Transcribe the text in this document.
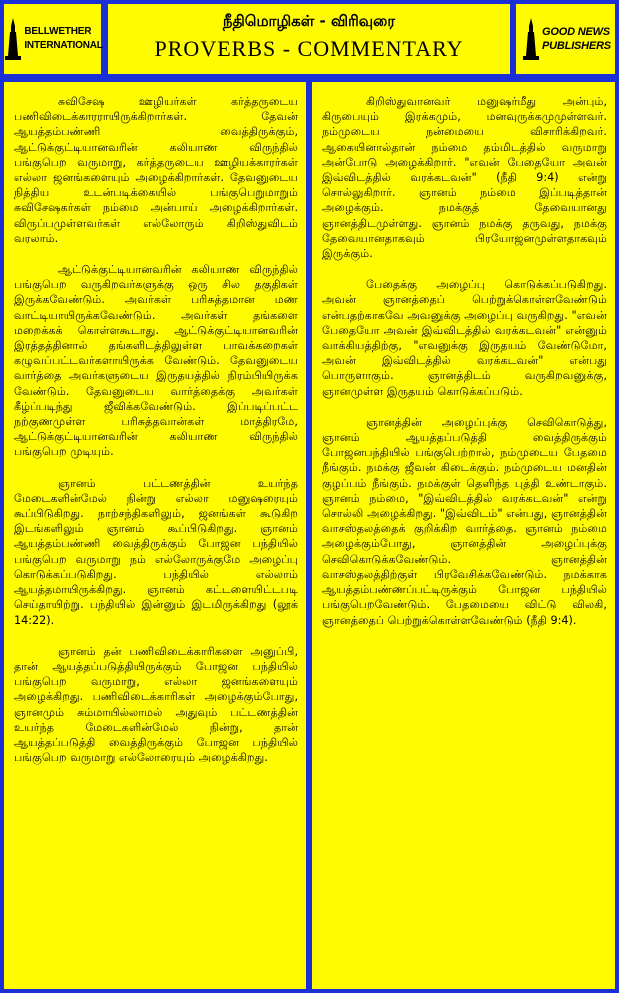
BELLWETHER
INTERNATIONAL
நீதிமொழிகள் - விரிவுரை
PROVERBS - COMMENTARY
GOOD NEWS
PUBLISHERS

சுவிசேஷ ஊழியர்கள் கர்த்தருடைய பணிவிடைக்காரராயிருக்கிறார்கள். தேவன் ஆயத்தம்பண்ணி வைத்திருக்கும், ஆட்டுக்குட்டியானவரின் கலியாண விருந்தில் பங்குபெற வருமாறு, கர்த்தருடைய ஊழியக்காரர்கள் எல்லா ஜனங்களையும் அழைக்கிறார்கள். தேவனுடைய நித்திய உடன்படிக்கையில் பங்குபெறுமாறும் சுவிசேஷகர்கள் நம்மை அன்பாய் அழைக்கிறார்கள். விருப்பமுள்ளவர்கள் எல்லோரும் கிறிஸ்துவிடம் வரலாம்.

ஆட்டுக்குட்டியானவரின் கலியாண விருந்தில் பங்குபெற வருகிறவர்களுக்கு ஒரு சில தகுதிகள் இருக்கவேண்டும். அவர்கள் பரிசுத்தமான மண வாட்டியாயிருக்கவேண்டும். அவர்கள் தங்களை மறைக்கக் கொள்ளகூடாது. ஆட்டுக்குட்டியானவரின் இரத்தத்தினால் தங்களிடத்திலுள்ள பாவக்கறைகள் கழுவப்பட்டவர்களாயிருக்க வேண்டும். தேவனுடைய வார்த்தை அவர்களுடைய இருதயத்தில் நிரம்பியிருக்க வேண்டும். தேவனுடைய வார்த்தைக்கு அவர்கள் கீழ்ப்படிந்து ஜீவிக்கவேண்டும். இப்படிப்பட்ட நற்குணமுள்ள பரிசுத்தவான்கள் மாத்திரமே, ஆட்டுக்குட்டியானவரின் கலியாண விருந்தில் பங்குபெற முடியும்.

ஞானம் பட்டணத்தின் உயர்ந்த மேடைகளின்மேல் நின்று எல்லா மனுஷரையும் கூப்பிடுகிறது. நாற்சந்திகளிலும், ஜனங்கள் கூடுகிற இடங்களிலும் ஞானம் கூப்பிடுகிறது. ஞானம் ஆயத்தம்பண்ணி வைத்திருக்கும் போஜன பந்தியில் பங்குபெற வருமாறு நம் எல்லோருக்குமே அழைப்பு கொடுக்கப்படுகிறது. பந்தியில் எல்லாம் ஆயத்தமாயிருக்கிறது. ஞானம் கட்டளையிட்டபடி செய்தாயிற்று. பந்தியில் இன்னும் இடமிருக்கிறது (லூக் 14:22).

ஞானம் தன் பணிவிடைக்காரிகளை அனுப்பி, தான் ஆயத்தப்படுத்தியிருக்கும் போஜன பந்தியில் பங்குபெற வருமாறு, எல்லா ஜனங்களையும் அழைக்கிறது. பணிவிடைக்காரிகள் அழைக்கும்போது, ஞானமும் சும்மாயில்லாமல் அதுவும் பட்டணத்தின் உயர்ந்த மேடைகளின்மேல் நின்று, தான் ஆயத்தப்படுத்தி வைத்திருக்கும் போஜன பந்தியில் பங்குபெற வருமாறு எல்லோரையும் அழைக்கிறது.

கிறிஸ்துவானவர் மனுஷர்மீது அன்பும், கிருபையும் இரக்கமும், மனவுருக்கமுமுள்ளவர். நம்முடைய நன்மையை விசாரிக்கிறவர். ஆகையினால்தான் நம்மை தம்மிடத்தில் வருமாறு அன்போடு அழைக்கிறார். "எவன் பேதையோ அவன் இவ்விடத்தில் வரக்கடவன்" (நீதி 9:4) என்று சொல்லுகிறார். ஞானம் நம்மை இப்படித்தான் அழைக்கும். நமக்குத் தேவையானது ஞானத்திடமுள்ளது. ஞானம் நமக்கு தருவது, நமக்கு தேவையானதாகவும் பிரயோஜனமுள்ளதாகவும் இருக்கும்.

பேதைக்கு அழைப்பு கொடுக்கப்படுகிறது. அவன் ஞானத்தைப் பெற்றுக்கொள்ளவேண்டும் என்பதற்காகவே அவனுக்கு அழைப்பு வருகிறது. "எவன் பேதையோ அவன் இவ்விடத்தில் வரக்கடவன்" என்னும் வாக்கியத்திற்கு, "எவனுக்கு இருதயம் வேண்டுமோ, அவன் இவ்விடத்தில் வரக்கடவன்" என்பது பொருளாகும். ஞானத்திடம் வருகிறவனுக்கு, ஞானமுள்ள இருதயம் கொடுக்கப்படும்.

ஞானத்தின் அழைப்புக்கு செவிகொடுத்து, ஞானம் ஆயத்தப்படுத்தி வைத்திருக்கும் போஜனபந்தியில் பங்குபெற்றால், நம்முடைய பேதமை நீங்கும். நமக்கு ஜீவன் கிடைக்கும். நம்முடைய மனதின் குழப்பம் நீங்கும். நமக்குள் தெளிந்த புத்தி உண்டாகும். ஞானம் நம்மை, "இவ்விடத்தில் வரக்கடவன்" என்று சொல்லி அழைக்கிறது. "இவ்விடம்" என்பது, ஞானத்தின் வாசஸ்தலத்தைக் குறிக்கிற வார்த்தை. ஞானம் நம்மை அழைக்கும்போது, ஞானத்தின் அழைப்புக்கு செவிகொடுக்கவேண்டும். ஞானத்தின் வாசஸ்தலத்திற்குள் பிரவேசிக்கவேண்டும். நமக்காக ஆயத்தம்பண்ணப்பட்டிருக்கும் போஜன பந்தியில் பங்குபெறவேண்டும். பேதமையை விட்டு விலகி, ஞானத்தைப் பெற்றுக்கொள்ளவேண்டும் (நீதி 9:4).
